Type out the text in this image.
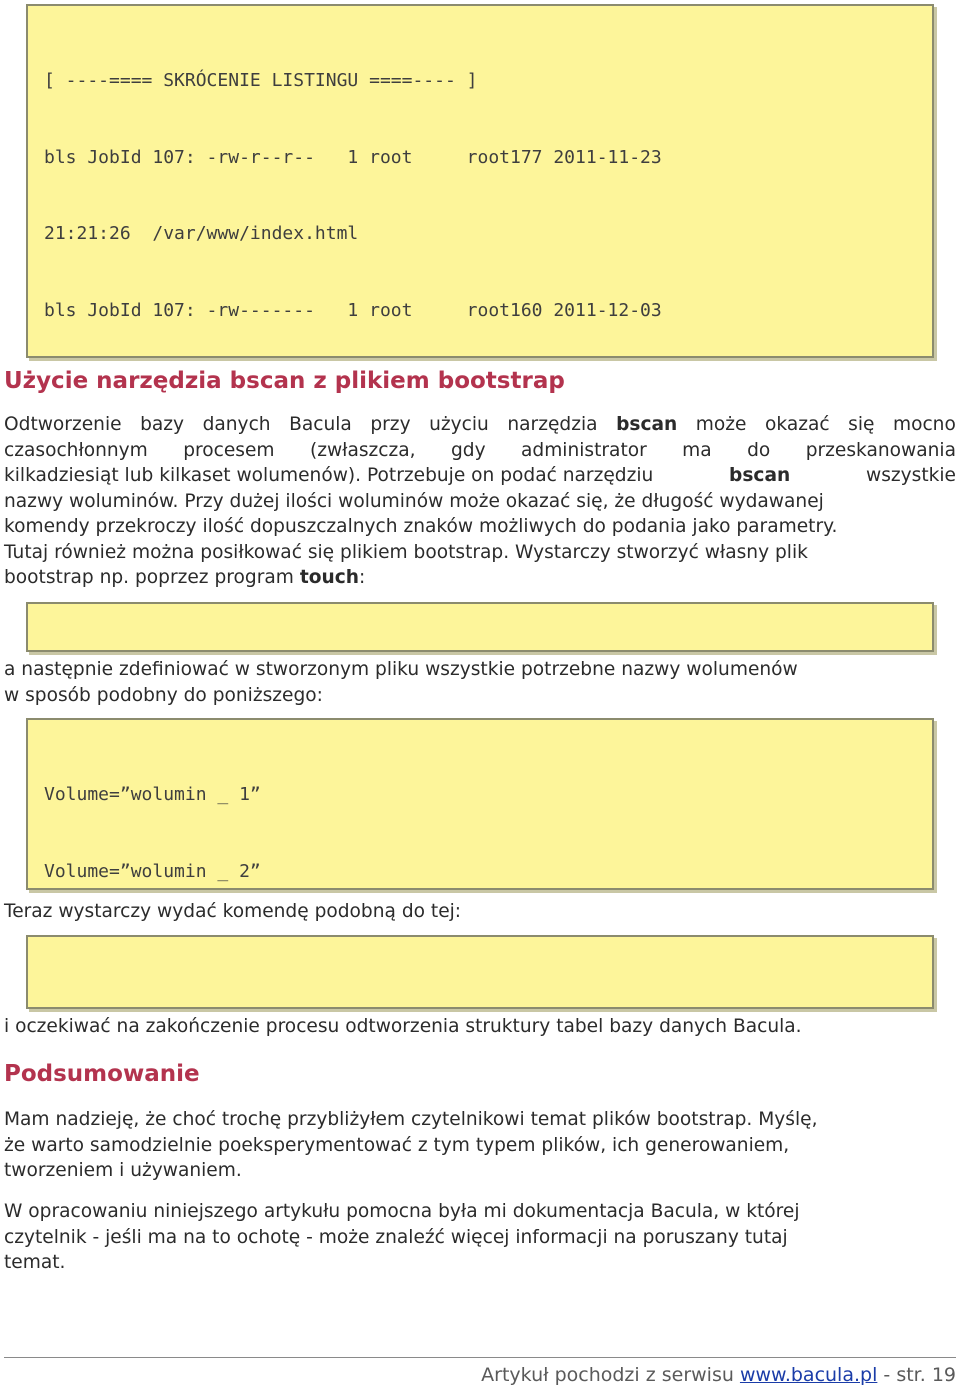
[ ----==== SKRÓCENIE LISTINGU ====---- ]

bls JobId 107: -rw-r--r--   1 root     root177 2011-11-23

21:21:26  /var/www/index.html

bls JobId 107: -rw-------   1 root     root160 2011-12-03

Użycie narzędzia bscan z plikiem bootstrap
Odtworzenie bazy danych Bacula przy użyciu narzędzia bscan może okazać się mocno
czasochłonnym procesem (zwłaszcza, gdy administrator ma do przeskanowania
kilkadziesiąt lub kilkaset wolumenów). Potrzebuje on podać narzędziu	bscan	wszystkie
nazwy woluminów. Przy dużej ilości woluminów może okazać się, że długość wydawanej
komendy przekroczy ilość dopuszczalnych znaków możliwych do podania jako parametry.
Tutaj również można posiłkować się plikiem bootstrap. Wystarczy stworzyć własny plik
bootstrap np. poprzez program touch :

a następnie zdefiniować w stworzonym pliku wszystkie potrzebne nazwy wolumenów
w sposób podobny do poniższego:

Volume=”wolumin _ 1”

Volume=”wolumin _ 2”

Teraz wystarczy wydać komendę podobną do tej:

i oczekiwać na zakończenie procesu odtworzenia struktury tabel bazy danych Bacula.
Podsumowanie
Mam nadzieję, że choć trochę przybliżyłem czytelnikowi temat plików bootstrap. Myślę,
że warto samodzielnie poeksperymentować z tym typem plików, ich generowaniem,
tworzeniem i używaniem.
W opracowaniu niniejszego artykułu pomocna była mi dokumentacja Bacula, w której
czytelnik - jeśli ma na to ochotę - może znaleźć więcej informacji na poruszany tutaj
temat.
Artykuł pochodzi z serwisu www.bacula.pl - str. 19
